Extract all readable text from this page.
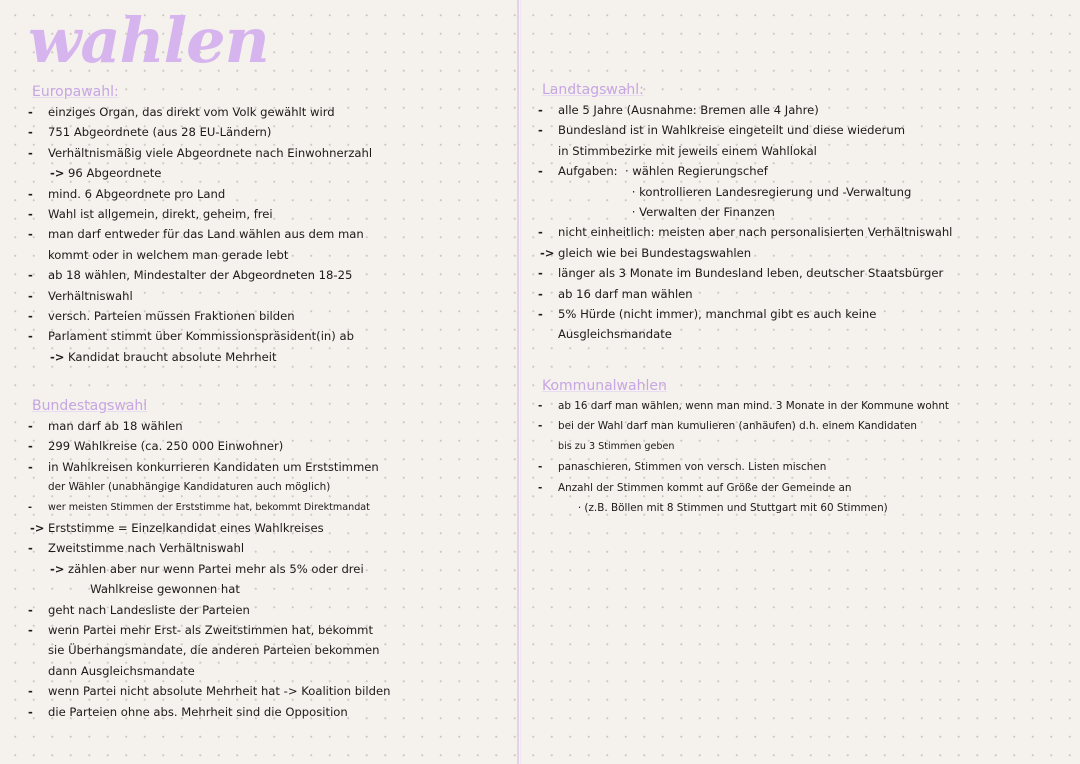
wahlen
Europawahl:
-	einziges Organ, das direkt vom Volk gewählt wird
-	751 Abgeordnete (aus 28 EU-Ländern)
-	Verhältnismäßig viele Abgeordnete nach Einwohnerzahl
-> 96 Abgeordnete
-	mind. 6 Abgeordnete pro Land
-	Wahl ist allgemein, direkt, geheim, frei
-	man darf entweder für das Land wählen aus dem man
kommt oder in welchem man gerade lebt
-	ab 18 wählen, Mindestalter der Abgeordneten 18-25
-	Verhältniswahl
-	versch. Parteien müssen Fraktionen bilden
-	Parlament stimmt über Kommissionspräsident(in) ab
-> Kandidat braucht absolute Mehrheit
Bundestagswahl
-	man darf ab 18 wählen
-	299 Wahlkreise (ca. 250 000 Einwohner)
-	in Wahlkreisen konkurrieren Kandidaten um Erststimmen
der Wähler (unabhängige Kandidaturen auch möglich)
-	wer meisten Stimmen der Erststimme hat, bekommt Direktmandat
-> Erststimme = Einzelkandidat eines Wahlkreises
-	Zweitstimme nach Verhältniswahl
-> zählen aber nur wenn Partei mehr als 5% oder drei
Wahlkreise gewonnen hat
-	geht nach Landesliste der Parteien
-	wenn Partei mehr Erst- als Zweitstimmen hat, bekommt
sie Überhangsmandate, die anderen Parteien bekommen
dann Ausgleichsmandate
-	wenn Partei nicht absolute Mehrheit hat -> Koalition bilden
-	die Parteien ohne abs. Mehrheit sind die Opposition
Landtagswahl:
-	alle 5 Jahre (Ausnahme: Bremen alle 4 Jahre)
-	Bundesland ist in Wahlkreise eingeteilt und diese wiederum
in Stimmbezirke mit jeweils einem Wahllokal
-	Aufgaben:  · wählen Regierungschef
· kontrollieren Landesregierung und -Verwaltung
· Verwalten der Finanzen
-	nicht einheitlich: meisten aber nach personalisierten Verhältniswahl
-> gleich wie bei Bundestagswahlen
-	länger als 3 Monate im Bundesland leben, deutscher Staatsbürger
-	ab 16 darf man wählen
-	5% Hürde (nicht immer), manchmal gibt es auch keine
Ausgleichsmandate
Kommunalwahlen
-	ab 16 darf man wählen, wenn man mind. 3 Monate in der Kommune wohnt
-	bei der Wahl darf man kumulieren (anhäufen) d.h. einem Kandidaten
bis zu 3 Stimmen geben
-	panaschieren, Stimmen von versch. Listen mischen
-	Anzahl der Stimmen kommt auf Größe der Gemeinde an
· (z.B. Böllen mit 8 Stimmen und Stuttgart mit 60 Stimmen)
